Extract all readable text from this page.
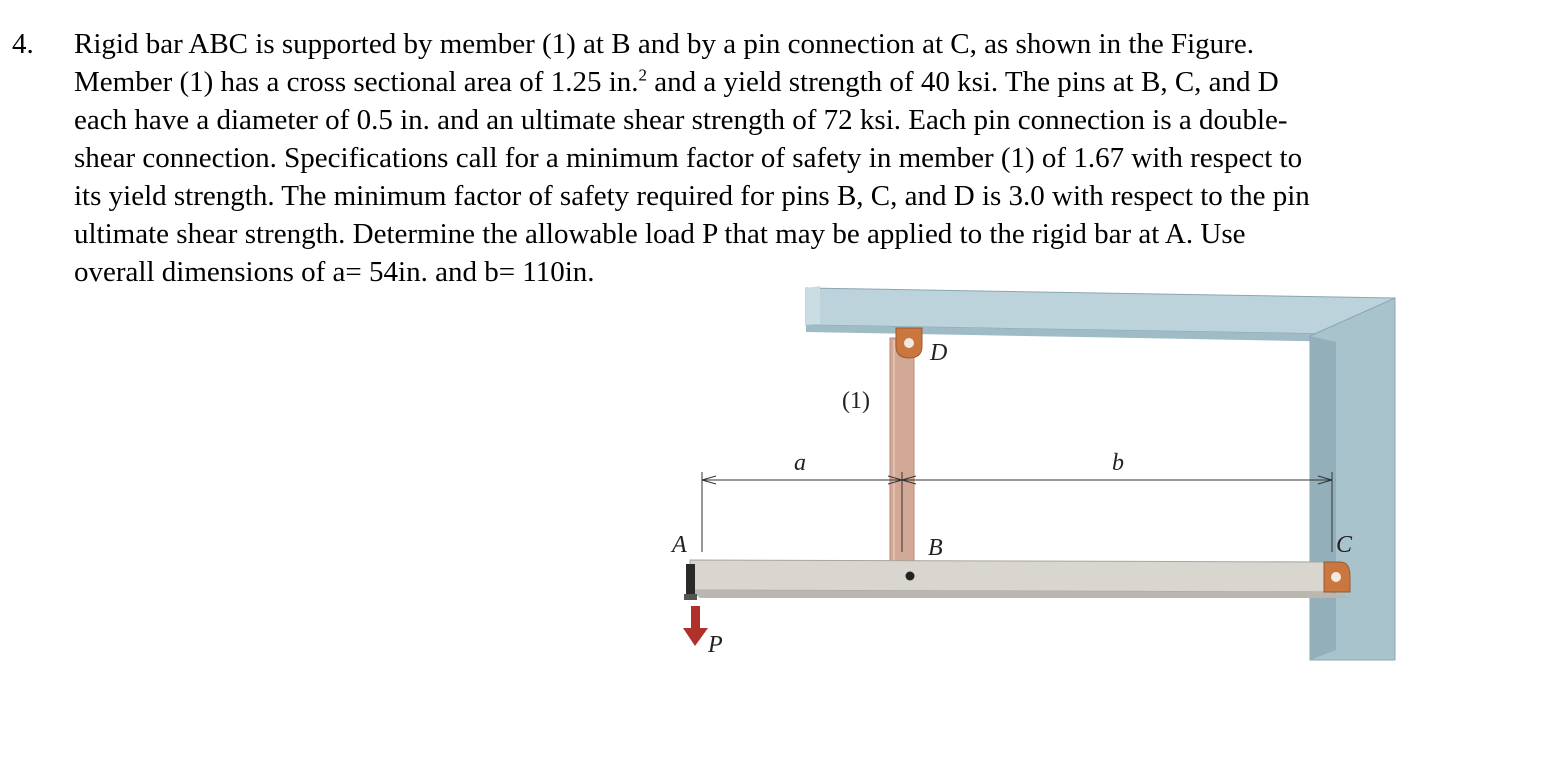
4. Rigid bar ABC is supported by member (1) at B and by a pin connection at C, as shown in the Figure.
Member (1) has a cross sectional area of 1.25 in.$^2$ and a yield strength of 40 ksi. The pins at B, C, and D
each have a diameter of 0.5 in. and an ultimate shear strength of 72 ksi. Each pin connection is a double-
shear connection. Specifications call for a minimum factor of safety in member (1) of 1.67 with respect to
its yield strength. The minimum factor of safety required for pins B, C, and D is 3.0 with respect to the pin
ultimate shear strength. Determine the allowable load P that may be applied to the rigid bar at A. Use
overall dimensions of a= 54in. and b= 110in.
D
(1)
a	b
A	B	C
P
